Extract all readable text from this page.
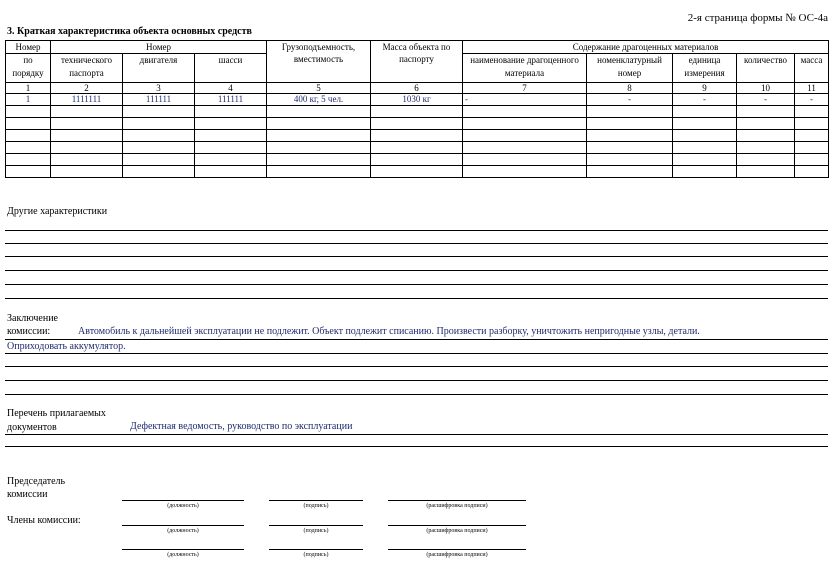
2-я страница формы № ОС-4а
3. Краткая характеристика объекта основных средств
Номер	Номер			Грузоподъемность, вместимость	Масса объекта по паспорту	Содержание драгоценных материалов				
по
порядку	технического паспорта	двигателя	шасси			наименование драгоценного материала	номенклатурный номер	единица измерения	количество	масса
1	2	3	4	5	6	7	8	9	10	11
1	1111111	111111	111111	400 кг, 5 чел.	1030 кг	-	-	-	-	-

Другие характеристики
Заключение
комиссии:	Автомобиль к дальнейшей эксплуатации не подлежит. Объект подлежит списанию. Произвести разборку, уничтожить непригодные узлы, детали.
Оприходовать аккумулятор.
Перечень прилагаемых
документов	Дефектная ведомость, руководство по эксплуатации
Председатель
комиссии
Члены комиссии:
(должность)	(подпись)	(расшифровка подписи)
(должность)	(подпись)	(расшифровка подписи)
(должность)	(подпись)	(расшифровка подписи)
